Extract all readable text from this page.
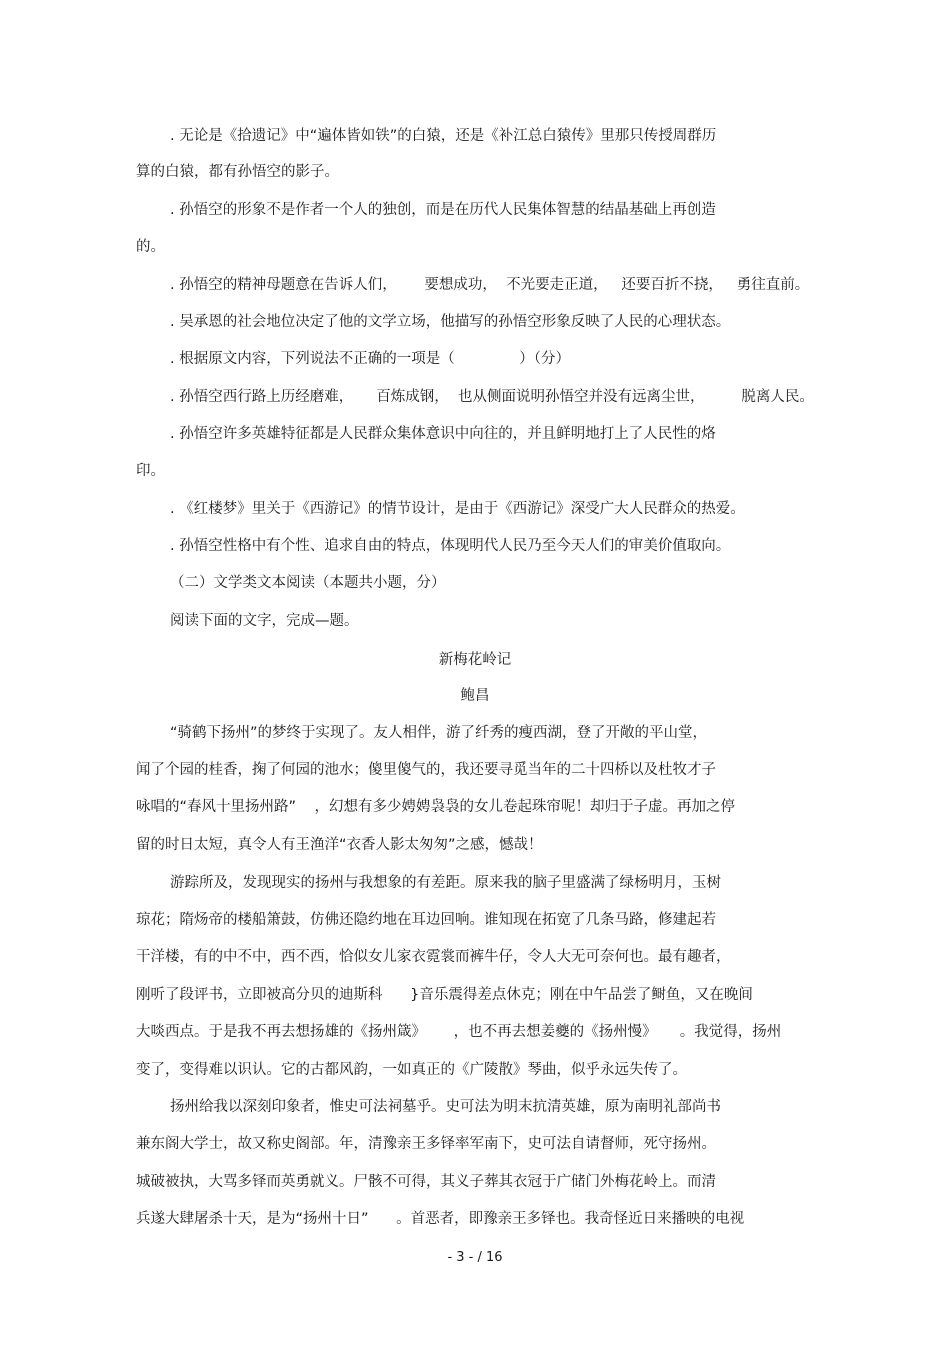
. 无论是《拾遗记》中“遍体皆如铁”的白猿，还是《补江总白猿传》里那只传授周群历
算的白猿，都有孙悟空的影子。
. 孙悟空的形象不是作者一个人的独创，而是在历代人民集体智慧的结晶基础上再创造
的。
. 孙悟空的精神母题意在告诉人们，      要想成功，  不光要走正道，   还要百折不挠，   勇往直前。
. 吴承恩的社会地位决定了他的文学立场，他描写的孙悟空形象反映了人民的心理状态。
. 根据原文内容，下列说法不正确的一项是（              ）（分）
. 孙悟空西行路上历经磨难，     百炼成钢，  也从侧面说明孙悟空并没有远离尘世，        脱离人民。
. 孙悟空许多英雄特征都是人民群众集体意识中向往的，并且鲜明地打上了人民性的烙
印。
. 《红楼梦》里关于《西游记》的情节设计，是由于《西游记》深受广大人民群众的热爱。
. 孙悟空性格中有个性、追求自由的特点，体现明代人民乃至今天人们的审美价值取向。
（二）文学类文本阅读（本题共小题，分）
阅读下面的文字，完成—题。
新梅花岭记
鲍昌
“骑鹤下扬州”的梦终于实现了。友人相伴，游了纤秀的瘦西湖，登了开敞的平山堂，
闻了个园的桂香，掬了何园的池水；傻里傻气的，我还要寻觅当年的二十四桥以及杜牧才子
咏唱的“春风十里扬州路”    ，幻想有多少娉娉袅袅的女儿卷起珠帘呢！却归于子虚。再加之停
留的时日太短，真令人有王渔洋“衣香人影太匆匆”之感，憾哉！
游踪所及，发现现实的扬州与我想象的有差距。原来我的脑子里盛满了绿杨明月，玉树
琼花；隋炀帝的楼船箫鼓，仿佛还隐约地在耳边回响。谁知现在拓宽了几条马路，修建起若
干洋楼，有的中不中，西不西，恰似女儿家衣霓裳而裤牛仔，令人大无可奈何也。最有趣者，
刚听了段评书，立即被高分贝的迪斯科      }音乐震得差点休克；刚在中午品尝了鲥鱼，又在晚间
大啖西点。于是我不再去想扬雄的《扬州箴》      ，也不再去想姜夔的《扬州慢》     。我觉得，扬州
变了，变得难以识认。它的古都风韵，一如真正的《广陵散》琴曲，似乎永远失传了。
扬州给我以深刻印象者，惟史可法祠墓乎。史可法为明末抗清英雄，原为南明礼部尚书
兼东阁大学士，故又称史阁部。年，清豫亲王多铎率军南下，史可法自请督师，死守扬州。
城破被执，大骂多铎而英勇就义。尸骸不可得，其义子葬其衣冠于广储门外梅花岭上。而清
兵遂大肆屠杀十天，是为“扬州十日”      。首恶者，即豫亲王多铎也。我奇怪近日来播映的电视
- 3 - / 16
